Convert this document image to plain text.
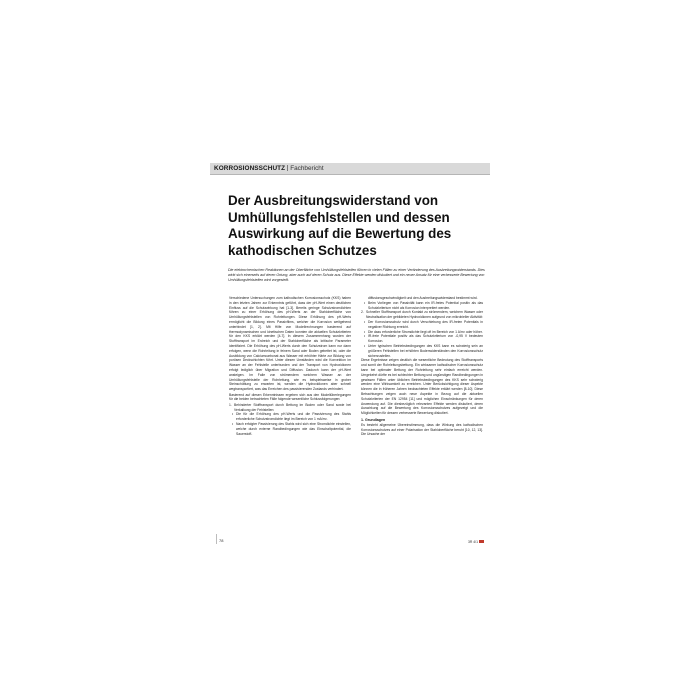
KORROSIONSSCHUTZ Fachbericht
Der Ausbreitungswiderstand von Umhüllungsfehlstellen und dessen Auswirkung auf die Bewertung des kathodischen Schutzes

Die elektrochemischen Reaktionen an der Oberfläche von Umhüllungsfehlstellen führen in vielen Fällen zu einer Veränderung des Ausbreitungswiderstands. Dies wirkt sich einerseits auf deren Ortung, aber auch auf deren Schutz aus. Diese Effekte werden diskutiert und ein neuer Ansatz für eine verbesserte Bewertung von Umhüllungsfehlstellen wird vorgestellt.

Verschiedene Untersuchungen zum kathodischen Korrosionsschutz (KKS) haben in den letzten Jahren zur Erkenntnis geführt, dass der pH-Wert einen deutlichen Einfluss auf die Schutzwirkung hat [1-3]. Bereits geringe Schutzstromdichten führen zu einer Erhöhung des pH-Werts an der Stahloberfläche von Umhüllungsfehlstellen von Rohrleitungen. Diese Erhöhung des pH-Werts ermöglicht die Bildung eines Passivfilms, welcher die Korrosion weitgehend unterbindet [1, 2]. Mit Hilfe von Modellrechnungen basierend auf thermodynamischen und kinetischen Daten konnten die aktuellen Schutzkriterien für den KKS erklärt werden [4-7]. In diesem Zusammenhang wurden der Stofftransport im Erdreich und der Stahloberfläche als kritische Parameter identifiziert. Die Erhöhung des pH-Werts durch den Schutzstrom kann nur dann erfolgen, wenn die Rohrleitung in feinem Sand oder Boden gebettet ist, oder die Ausbildung von Calciumcarbonat aus Wasser mit erhöhter Härte zur Bildung von porösen Deckschichten führt. Unter diesen Umständen wird die Konvektion im Wasser an der Fehlstelle unterbunden und der Transport von Hydroxidionen erfolgt lediglich über Migration und Diffusion. Dadurch kann der pH-Wert ansteigen. Im Falle von strömendem weichem Wasser an der Umhüllungsfehlstelle der Rohrleitung, wie es beispielsweise in grober Steinschüttung zu erwarten ist, werden die Hydroxidionen aber schnell wegtransportiert, was das Erreichen des passivierenden Zustands verhindert.

Basierend auf diesen Erkenntnissen ergeben sich aus den Modellüberlegungen für die beiden betrachteten Fälle folgende wesentliche Schlussfolgerungen:

1. Behinderter Stofftransport durch Bettung im Boden oder Sand sowie bei Verkalkung der Fehlstellen:
• Die für die Erhöhung des pH-Werts und die Passivierung des Stahls erforderliche Schutzstromdichte liegt im Bereich von 1 mA/m².
• Nach erfolgter Passivierung des Stahls wird sich eine Stromdichte einstellen, welche durch externe Randbedingungen wie das Einschaltpotential, die Sauerstoff-
diffusionsgeschwindigkeit und den Ausbreitungswiderstand bestimmt wird.
• Beim Vorliegen von Passivität kann ein IR-freies Potential positiv als das Schutzkriterium nicht als Korrosion interpretiert werden.
2. Schneller Stofftransport durch Kontakt zu strömendem, weichem Wasser oder Neutralisation der gebildeten Hydroxidionen aufgrund von mikrobieller Aktivität:
• Der Korrosionsschutz wird durch Verschiebung des IR-freien Potentials in negativer Richtung erreicht.
• Die dazu erforderliche Stromdichte liegt oft im Bereich von 1 A/m² oder höher.
• IR-freie Potentiale positiv als das Schutzkriterium von -0,95 V bedeuten Korrosion.
• Unter typischen Betriebsbedingungen des KKS kann es schwierig sein an größeren Fehlstellen bei erhöhten Bodenwiderständen den Korrosionsschutz sicherzustellen.

Diese Ergebnisse zeigen deutlich die wesentliche Bedeutung des Stofftransports und somit der Rohrleitungsbettung. Ein wirksamer kathodischer Korrosionsschutz kann bei optimaler Bettung der Rohrleitung sehr einfach erreicht werden. Umgekehrt dürfte es bei schlechter Bettung und ungünstigen Randbedingungen in gewissen Fällen unter üblichen Betriebsbedingungen des KKS sehr schwierig werden eine Wirksamkeit zu erreichen. Unter Berücksichtigung dieser Aspekte können die in früheren Jahren beobachteten Effekte erklärt werden [8-10]. Diese Betrachtungen zeigen auch neue Aspekte in Bezug auf die aktuellen Schutzkriterien der EN 12954 [11] und möglichen Einschränkungen für deren Anwendung auf. Die diesbezüglich relevanten Effekte werden diskutiert, deren Auswirkung auf die Bewertung des Korrosionsschutzes aufgezeigt und die Möglichkeiten für dessen verbesserte Bewertung diskutiert.

1. Grundlagen

Es besteht allgemeine Übereinstimmung, dass die Wirkung des kathodischen Korrosionsschutzes auf einer Polarisation der Stahloberfläche beruht [10, 12, 13]. Die Ursache der

78	3R 4/1
